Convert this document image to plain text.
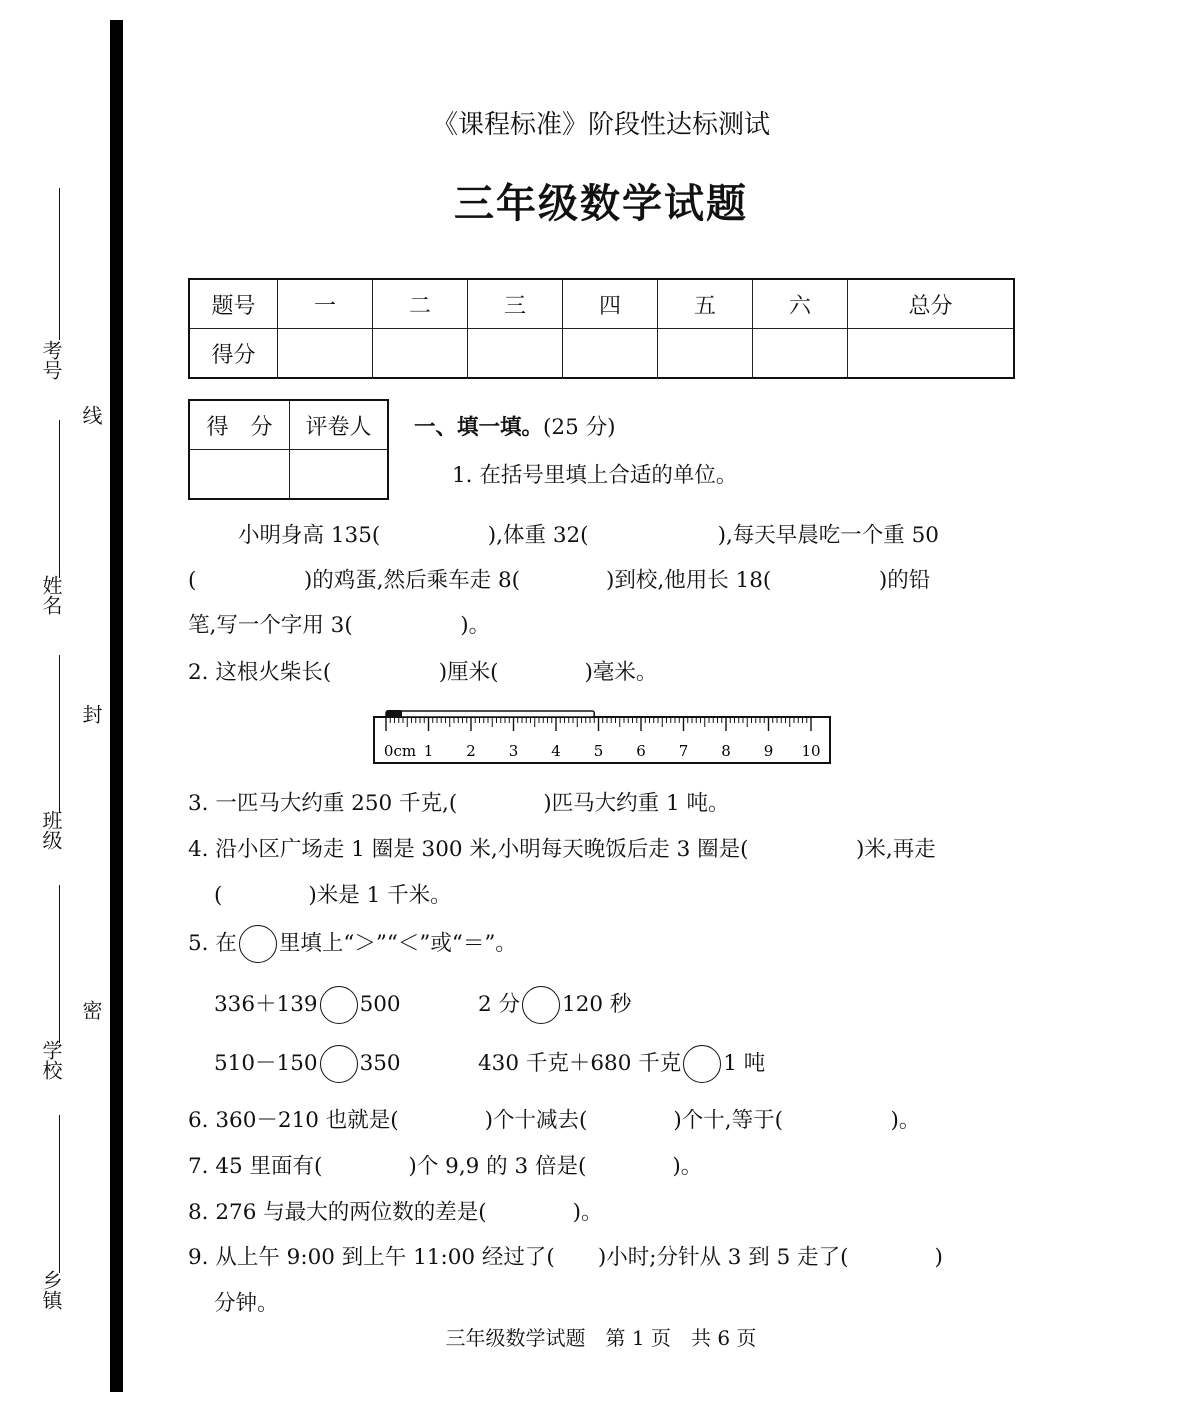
考号
姓名
班级
学校
乡镇
线
封
密
《课程标准》阶段性达标测试
三年级数学试题
题号	一	二	三	四	五	六	总分
得分							
得　分	评卷人
	一、填一填。(25 分)
1. 在括号里填上合适的单位。
小明身高 135(　　　　　),体重 32(　　　　　　),每天早晨吃一个重 50
(　　　　　)的鸡蛋,然后乘车走 8(　　　　)到校,他用长 18(　　　　　)的铅
笔,写一个字用 3(　　　　　)。
2. 这根火柴长(　　　　　)厘米(　　　　)毫米。
0cm 1 2 3 4 5 6 7 8 9 10
3. 一匹马大约重 250 千克,(　　　　)匹马大约重 1 吨。
4. 沿小区广场走 1 圈是 300 米,小明每天晚饭后走 3 圈是(　　　　　)米,再走
(　　　　)米是 1 千米。
5. 在 里填上“＞”“＜”或“＝”。
336＋139 500	2 分 120 秒
510－150 350	430 千克＋680 千克 1 吨
6. 360－210 也就是(　　　　)个十减去(　　　　)个十,等于(　　　　　)。
7. 45 里面有(　　　　)个 9,9 的 3 倍是(　　　　)。
8. 276 与最大的两位数的差是(　　　　)。
9. 从上午 9:00 到上午 11:00 经过了(　　)小时;分针从 3 到 5 走了(　　　　)
分钟。
三年级数学试题　第 1 页　共 6 页
